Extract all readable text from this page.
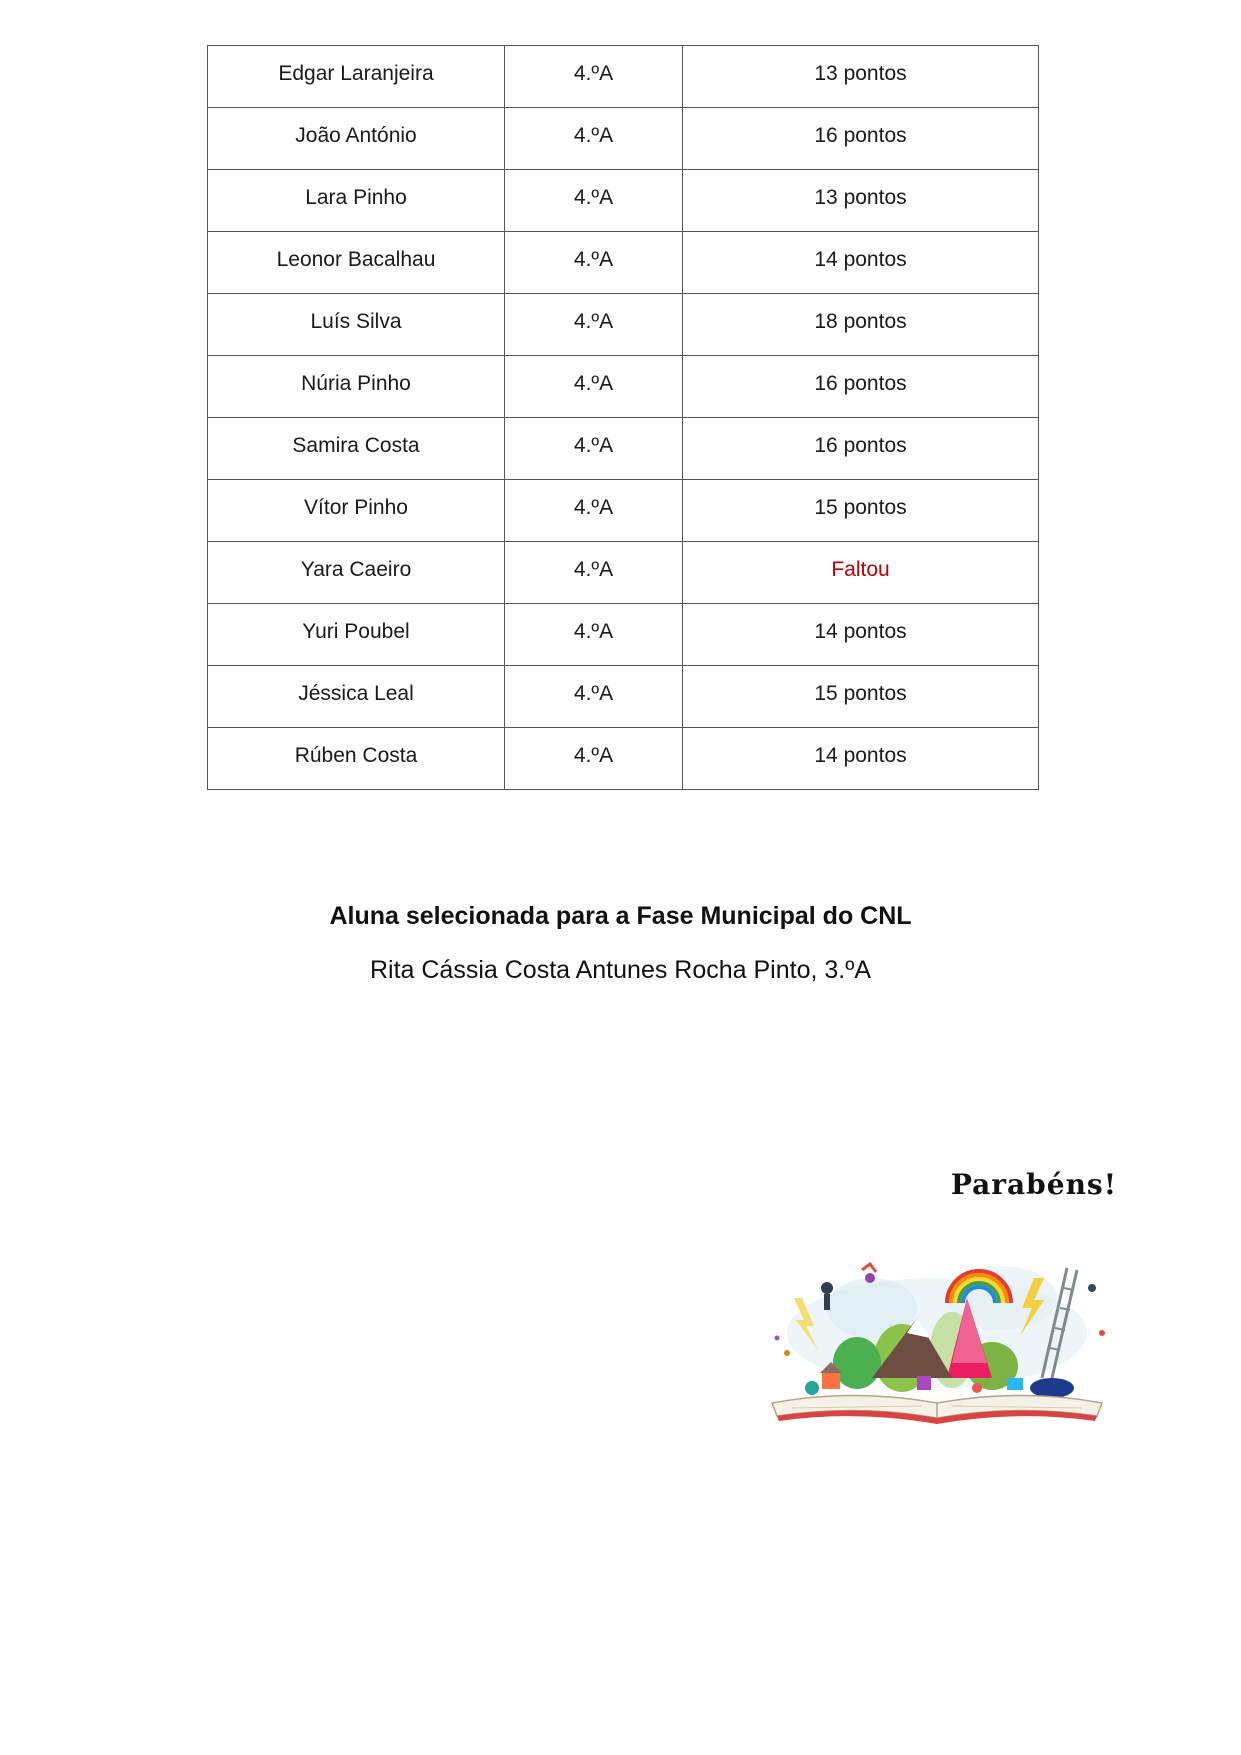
Edgar Laranjeira	4.ºA	13 pontos
João António	4.ºA	16 pontos
Lara Pinho	4.ºA	13 pontos
Leonor Bacalhau	4.ºA	14 pontos
Luís Silva	4.ºA	18 pontos
Núria Pinho	4.ºA	16 pontos
Samira Costa	4.ºA	16 pontos
Vítor Pinho	4.ºA	15 pontos
Yara Caeiro	4.ºA	Faltou
Yuri Poubel	4.ºA	14 pontos
Jéssica Leal	4.ºA	15 pontos
Rúben Costa	4.ºA	14 pontos
Aluna selecionada para a Fase Municipal do CNL
Rita Cássia Costa Antunes Rocha Pinto, 3.ºA
Parabéns!
